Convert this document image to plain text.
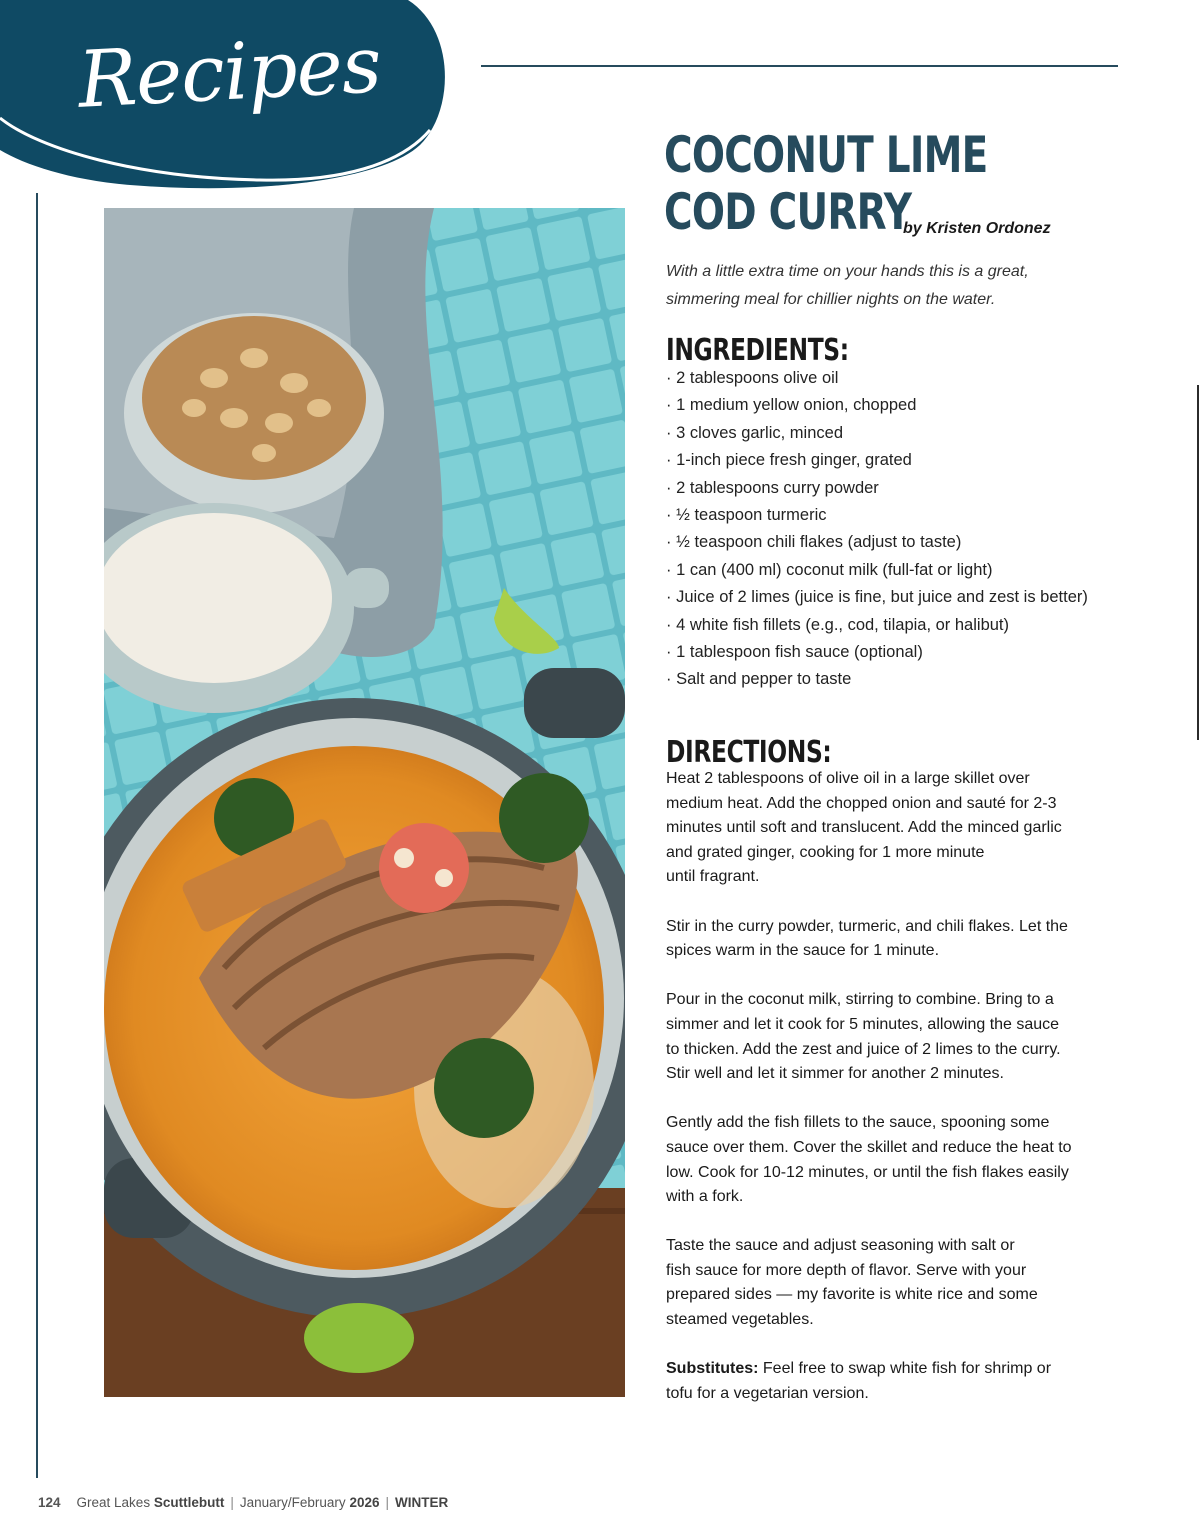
Recipes
COCONUT LIME
COD CURRY
by Kristen Ordonez
With a little extra time on your hands this is a great,
simmering meal for chillier nights on the water.
INGREDIENTS:
· 2 tablespoons olive oil
· 1 medium yellow onion, chopped
· 3 cloves garlic, minced
· 1-inch piece fresh ginger, grated
· 2 tablespoons curry powder
· ½ teaspoon turmeric
· ½ teaspoon chili flakes (adjust to taste)
· 1 can (400 ml) coconut milk (full-fat or light)
· Juice of 2 limes (juice is fine, but juice and zest is better)
· 4 white fish fillets (e.g., cod, tilapia, or halibut)
· 1 tablespoon fish sauce (optional)
· Salt and pepper to taste
DIRECTIONS:

Heat 2 tablespoons of olive oil in a large skillet over
medium heat. Add the chopped onion and sauté for 2-3
minutes until soft and translucent. Add the minced garlic
and grated ginger, cooking for 1 more minute
until fragrant.

Stir in the curry powder, turmeric, and chili flakes. Let the
spices warm in the sauce for 1 minute.

Pour in the coconut milk, stirring to combine. Bring to a
simmer and let it cook for 5 minutes, allowing the sauce
to thicken. Add the zest and juice of 2 limes to the curry.
Stir well and let it simmer for another 2 minutes.

Gently add the fish fillets to the sauce, spooning some
sauce over them. Cover the skillet and reduce the heat to
low. Cook for 10-12 minutes, or until the fish flakes easily
with a fork.

Taste the sauce and adjust seasoning with salt or
fish sauce for more depth of flavor. Serve with your
prepared sides — my favorite is white rice and some
steamed vegetables.

Substitutes: Feel free to swap white fish for shrimp or
tofu for a vegetarian version.

124 Great Lakes Scuttlebutt | January/February 2026 | WINTER
